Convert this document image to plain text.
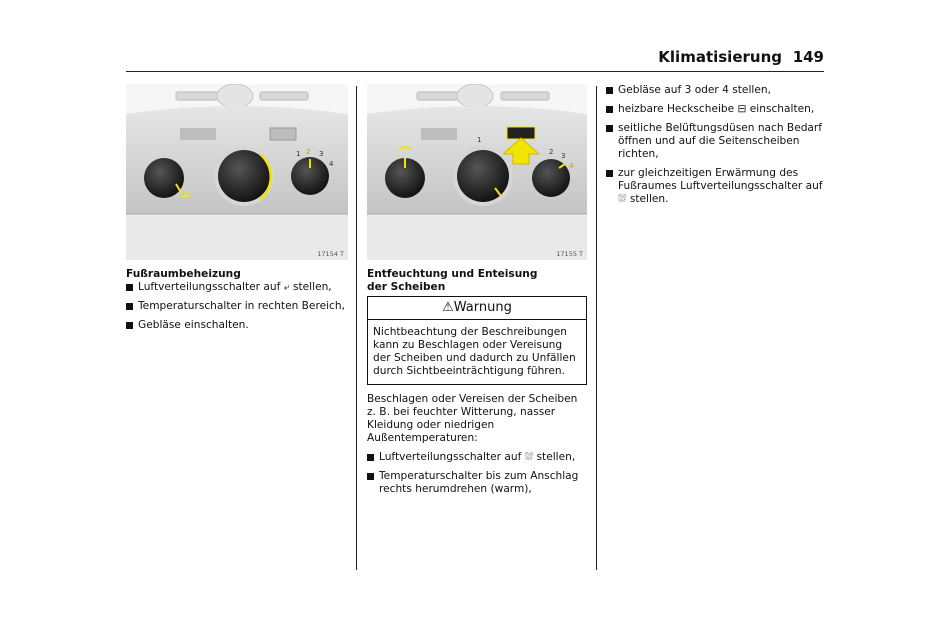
Klimatisierung 149
1 2 3
4
17154 T
1
2 3
4
17155 T
Fußraumbeheizung
Luftverteilungsschalter auf ⤶ stellen,
Temperaturschalter in rechten Bereich,
Gebläse einschalten.
Entfeuchtung und Enteisung
der Scheiben
⚠Warnung
Nichtbeachtung der Beschreibungen kann zu Beschlagen oder Vereisung der Scheiben und dadurch zu Unfällen durch Sichtbeeinträchtigung führen.
Beschlagen oder Vereisen der Scheiben z. B. bei feuchter Witterung, nasser Kleidung oder niedrigen Außentemperaturen:
Luftverteilungsschalter auf ⛆ stellen,
Temperaturschalter bis zum Anschlag rechts herumdrehen (warm),
Gebläse auf 3 oder 4 stellen,
heizbare Heckscheibe ⊟ einschalten,
seitliche Belüftungsdüsen nach Bedarf öffnen und auf die Seitenscheiben richten,
zur gleichzeitigen Erwärmung des Fußraumes Luftverteilungsschalter auf ⛆ stellen.
